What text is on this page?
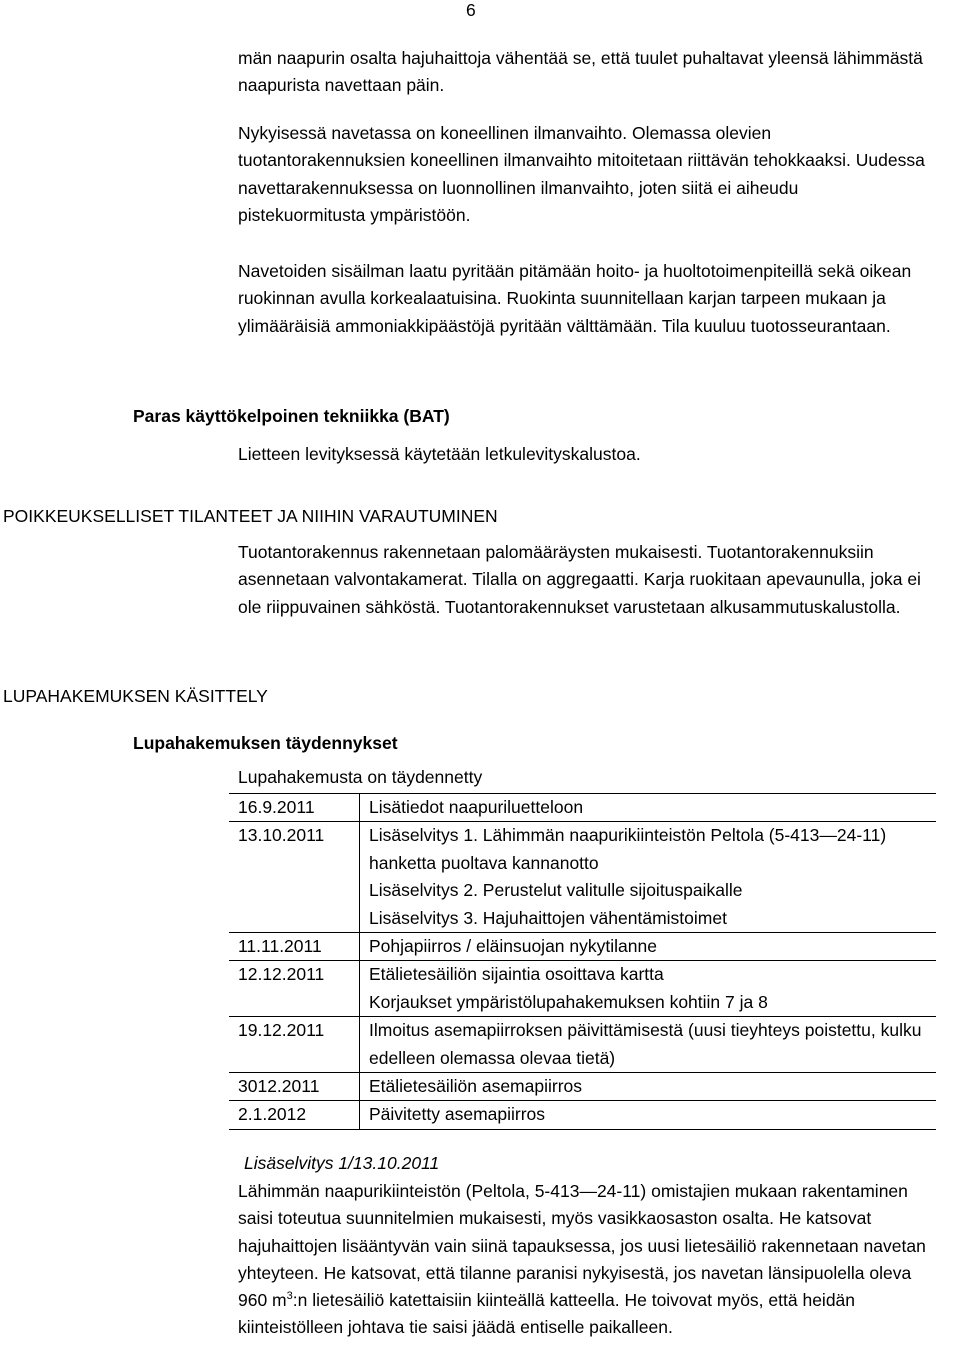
6
män naapurin osalta hajuhaittoja vähentää se, että tuulet puhaltavat yleensä lähimmästä naapurista navettaan päin.
Nykyisessä navetassa on koneellinen ilmanvaihto. Olemassa olevien tuotantorakennuksien koneellinen ilmanvaihto mitoitetaan riittävän tehokkaaksi. Uudessa navettarakennuksessa on luonnollinen ilmanvaihto, joten siitä ei aiheudu pistekuormitusta ympäristöön.
Navetoiden sisäilman laatu pyritään pitämään hoito- ja huoltotoimenpiteillä sekä oikean ruokinnan avulla korkealaatuisina. Ruokinta suunnitellaan karjan tarpeen mukaan ja ylimääräisiä ammoniakkipäästöjä pyritään välttämään. Tila kuuluu tuotosseurantaan.
Paras käyttökelpoinen tekniikka (BAT)
Lietteen levityksessä käytetään letkulevityskalustoa.
POIKKEUKSELLISET TILANTEET JA NIIHIN VARAUTUMINEN
Tuotantorakennus rakennetaan palomääräysten mukaisesti. Tuotantorakennuksiin asennetaan valvontakamerat. Tilalla on aggregaatti. Karja ruokitaan apevaunulla, joka ei ole riippuvainen sähköstä. Tuotantorakennukset varustetaan alkusammutuskalustolla.
LUPAHAKEMUKSEN KÄSITTELY
Lupahakemuksen täydennykset
Lupahakemusta on täydennetty
16.9.2011	Lisätiedot naapuriluetteloon

13.10.2011	Lisäselvitys 1. Lähimmän naapurikiinteistön Peltola (5-413—24-11) hanketta puoltava kannanotto
Lisäselvitys 2. Perustelut valitulle sijoituspaikalle
Lisäselvitys 3. Hajuhaittojen vähentämistoimet

11.11.2011	Pohjapiirros / eläinsuojan nykytilanne

12.12.2011	Etälietesäiliön sijaintia osoittava kartta
Korjaukset ympäristölupahakemuksen kohtiin 7 ja 8

19.12.2011	Ilmoitus asemapiirroksen päivittämisestä (uusi tieyhteys poistettu, kulku edelleen olemassa olevaa tietä)

3012.2011	Etälietesäiliön asemapiirros

2.1.2012	Päivitetty asemapiirros
Lisäselvitys 1/13.10.2011
Lähimmän naapurikiinteistön (Peltola, 5-413—24-11) omistajien mukaan rakentaminen saisi toteutua suunnitelmien mukaisesti, myös vasikkaosaston osalta. He katsovat hajuhaittojen lisääntyvän vain siinä tapauksessa, jos uusi lietesäiliö rakennetaan navetan yhteyteen. He katsovat, että tilanne paranisi nykyisestä, jos navetan länsipuolella oleva 960 $m^3:n$ lietesäiliö katettaisiin kiinteällä katteella. He toivovat myös, että heidän kiinteistölleen johtava tie saisi jäädä entiselle paikalleen.
